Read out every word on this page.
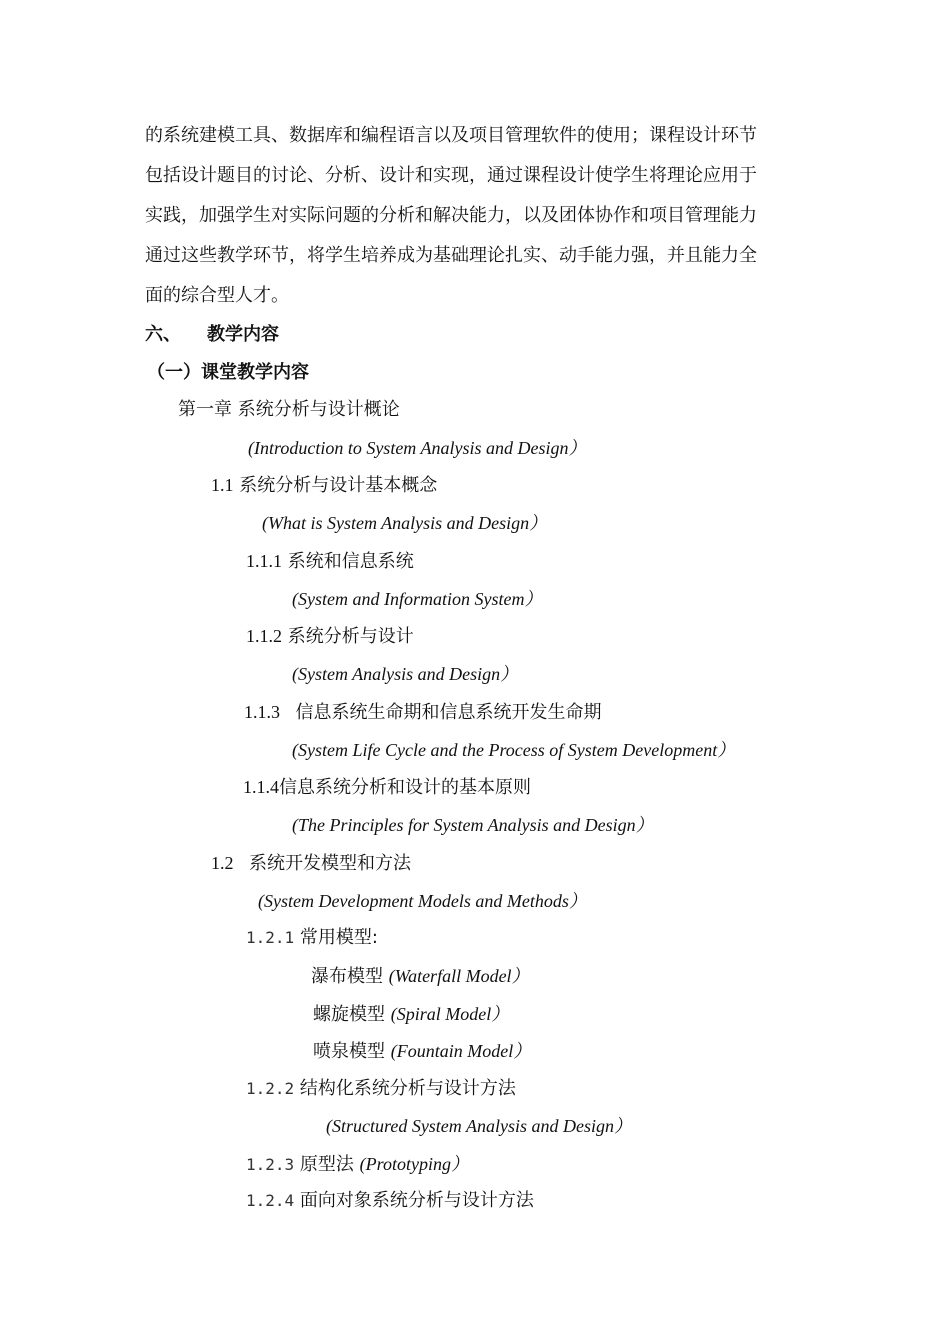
的系统建模工具、数据库和编程语言以及项目管理软件的使用；课程设计环节

包括设计题目的讨论、分析、设计和实现，通过课程设计使学生将理论应用于

实践，加强学生对实际问题的分析和解决能力，以及团体协作和项目管理能力

通过这些教学环节，将学生培养成为基础理论扎实、动手能力强，并且能力全

面的综合型人才。

六、 教学内容
（一）课堂教学内容
第一章 系统分析与设计概论
(Introduction to System Analysis and Design）
1.1 系统分析与设计基本概念
(What is System Analysis and Design）
1.1.1 系统和信息系统
(System and Information System）
1.1.2 系统分析与设计
(System Analysis and Design）
1.1.3 信息系统生命期和信息系统开发生命期
(System Life Cycle and the Process of System Development）
1.1.4信息系统分析和设计的基本原则
(The Principles for System Analysis and Design）
1.2 系统开发模型和方法
(System Development Models and Methods）
1.2.1 常用模型:
瀑布模型 (Waterfall Model）
螺旋模型 (Spiral Model）
喷泉模型 (Fountain Model）
1.2.2 结构化系统分析与设计方法
(Structured System Analysis and Design）
1.2.3 原型法 (Prototyping）
1.2.4 面向对象系统分析与设计方法
